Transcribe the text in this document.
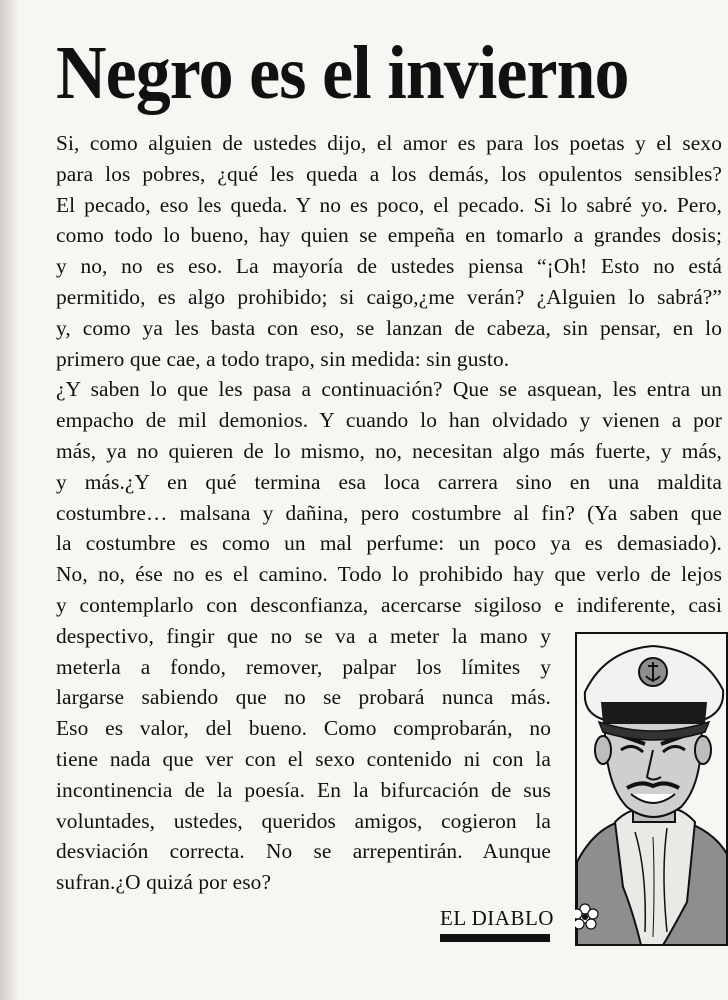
Negro es el invierno

Si, como alguien de ustedes dijo, el amor es para los poetas y el sexo
para los pobres, ¿qué les queda a los demás, los opulentos sensibles?
El pecado, eso les queda. Y no es poco, el pecado. Si lo sabré yo. Pero,
como todo lo bueno, hay quien se empeña en tomarlo a grandes dosis;
y no, no es eso. La mayoría de ustedes piensa “¡Oh! Esto no está
permitido, es algo prohibido; si caigo,¿me verán? ¿Alguien lo sabrá?”
y, como ya les basta con eso, se lanzan de cabeza, sin pensar, en lo
primero que cae, a todo trapo, sin medida: sin gusto.

¿Y saben lo que les pasa a continuación? Que se asquean, les entra un
empacho de mil demonios. Y cuando lo han olvidado y vienen a por
más, ya no quieren de lo mismo, no, necesitan algo más fuerte, y más,
y más.¿Y en qué termina esa loca carrera sino en una maldita
costumbre… malsana y dañina, pero costumbre al fin? (Ya saben que
la costumbre es como un mal perfume: un poco ya es demasiado).
No, no, ése no es el camino. Todo lo prohibido hay que verlo de lejos
y contemplarlo con desconfianza, acercarse sigiloso e indiferente, casi
despectivo, fingir que no se va a meter la mano y
meterla a fondo, remover, palpar los límites y
largarse sabiendo que no se probará nunca más.
Eso es valor, del bueno. Como comprobarán, no
tiene nada que ver con el sexo contenido ni con la
incontinencia de la poesía. En la bifurcación de sus
voluntades, ustedes, queridos amigos, cogieron la
desviación correcta. No se arrepentirán. Aunque
sufran.¿O quizá por eso?

EL DIABLO
